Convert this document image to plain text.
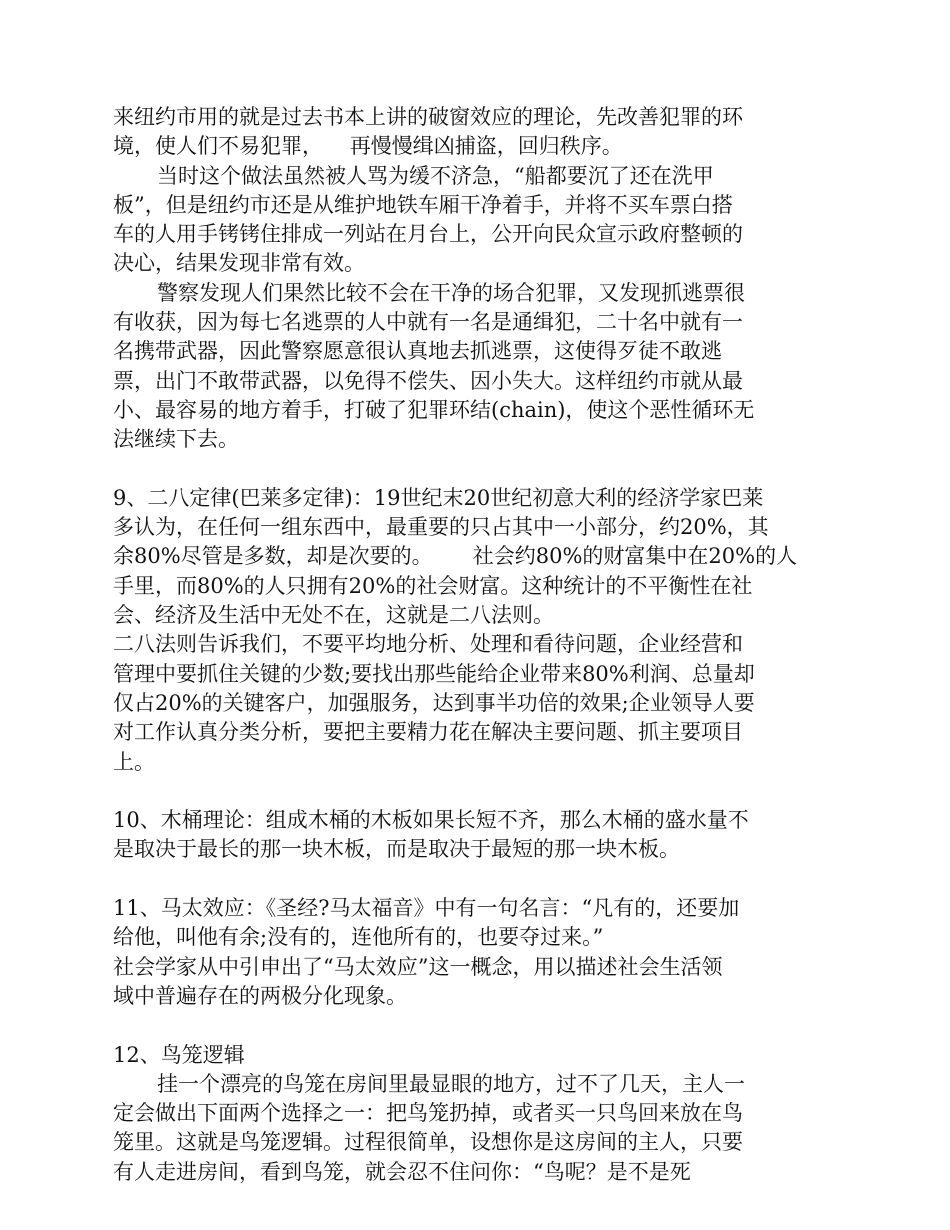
来纽约市用的就是过去书本上讲的破窗效应的理论，先改善犯罪的环
境，使人们不易犯罪，    再慢慢缉凶捕盗，回归秩序。
当时这个做法虽然被人骂为缓不济急，“船都要沉了还在洗甲
板”，但是纽约市还是从维护地铁车厢干净着手，并将不买车票白搭
车的人用手铐铐住排成一列站在月台上，公开向民众宣示政府整顿的
决心，结果发现非常有效。
警察发现人们果然比较不会在干净的场合犯罪，又发现抓逃票很
有收获，因为每七名逃票的人中就有一名是通缉犯，二十名中就有一
名携带武器，因此警察愿意很认真地去抓逃票，这使得歹徒不敢逃
票，出门不敢带武器，以免得不偿失、因小失大。这样纽约市就从最
小、最容易的地方着手，打破了犯罪环结(chain)，使这个恶性循环无
法继续下去。
9、二八定律(巴莱多定律)：19世纪末20世纪初意大利的经济学家巴莱
多认为，在任何一组东西中，最重要的只占其中一小部分，约20%，其
余80%尽管是多数，却是次要的。      社会约80%的财富集中在20%的人
手里，而80%的人只拥有20%的社会财富。这种统计的不平衡性在社
会、经济及生活中无处不在，这就是二八法则。
二八法则告诉我们，不要平均地分析、处理和看待问题，企业经营和
管理中要抓住关键的少数;要找出那些能给企业带来80%利润、总量却
仅占20%的关键客户，加强服务，达到事半功倍的效果;企业领导人要
对工作认真分类分析，要把主要精力花在解决主要问题、抓主要项目
上。
10、木桶理论：组成木桶的木板如果长短不齐，那么木桶的盛水量不
是取决于最长的那一块木板，而是取决于最短的那一块木板。
11、马太效应：《圣经?马太福音》中有一句名言：“凡有的，还要加
给他，叫他有余;没有的，连他所有的，也要夺过来。”
社会学家从中引申出了“马太效应”这一概念，用以描述社会生活领
域中普遍存在的两极分化现象。
12、鸟笼逻辑
挂一个漂亮的鸟笼在房间里最显眼的地方，过不了几天，主人一
定会做出下面两个选择之一：把鸟笼扔掉，或者买一只鸟回来放在鸟
笼里。这就是鸟笼逻辑。过程很简单，设想你是这房间的主人，只要
有人走进房间，看到鸟笼，就会忍不住问你：“鸟呢？是不是死
